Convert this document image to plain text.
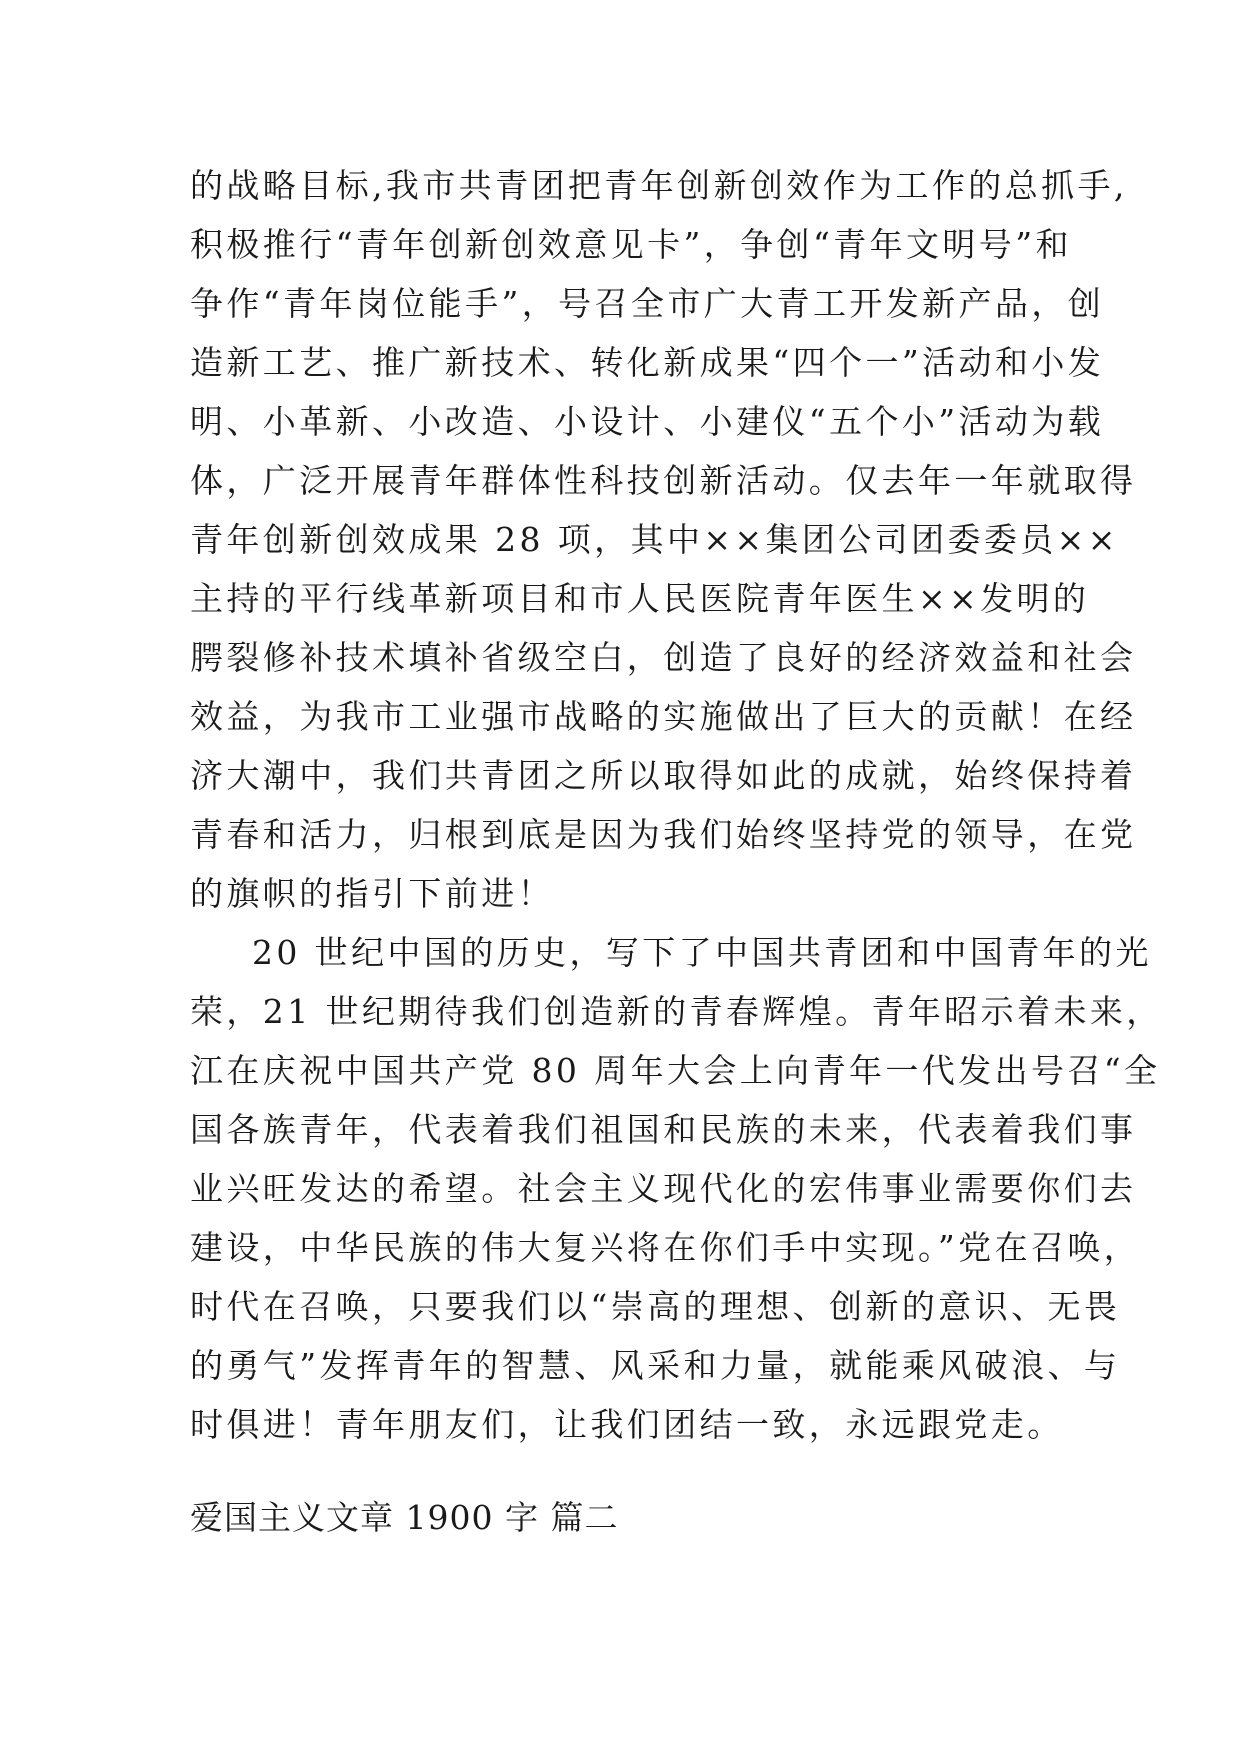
的战略目标,我市共青团把青年创新创效作为工作的总抓手,
积极推行“青年创新创效意见卡”，争创“青年文明号”和
争作“青年岗位能手”，号召全市广大青工开发新产品，创
造新工艺、推广新技术、转化新成果“四个一”活动和小发
明、小革新、小改造、小设计、小建仪“五个小”活动为载
体，广泛开展青年群体性科技创新活动。仅去年一年就取得
青年创新创效成果 28 项，其中××集团公司团委委员××
主持的平行线革新项目和市人民医院青年医生××发明的
腭裂修补技术填补省级空白，创造了良好的经济效益和社会
效益，为我市工业强市战略的实施做出了巨大的贡献！在经
济大潮中，我们共青团之所以取得如此的成就，始终保持着
青春和活力，归根到底是因为我们始终坚持党的领导，在党
的旗帜的指引下前进！
20 世纪中国的历史，写下了中国共青团和中国青年的光
荣，21 世纪期待我们创造新的青春辉煌。青年昭示着未来，
江在庆祝中国共产党 80 周年大会上向青年一代发出号召“全
国各族青年，代表着我们祖国和民族的未来，代表着我们事
业兴旺发达的希望。社会主义现代化的宏伟事业需要你们去
建设，中华民族的伟大复兴将在你们手中实现。”党在召唤，
时代在召唤，只要我们以“崇高的理想、创新的意识、无畏
的勇气”发挥青年的智慧、风采和力量，就能乘风破浪、与
时俱进！青年朋友们，让我们团结一致，永远跟党走。
爱国主义文章 1900 字 篇二
